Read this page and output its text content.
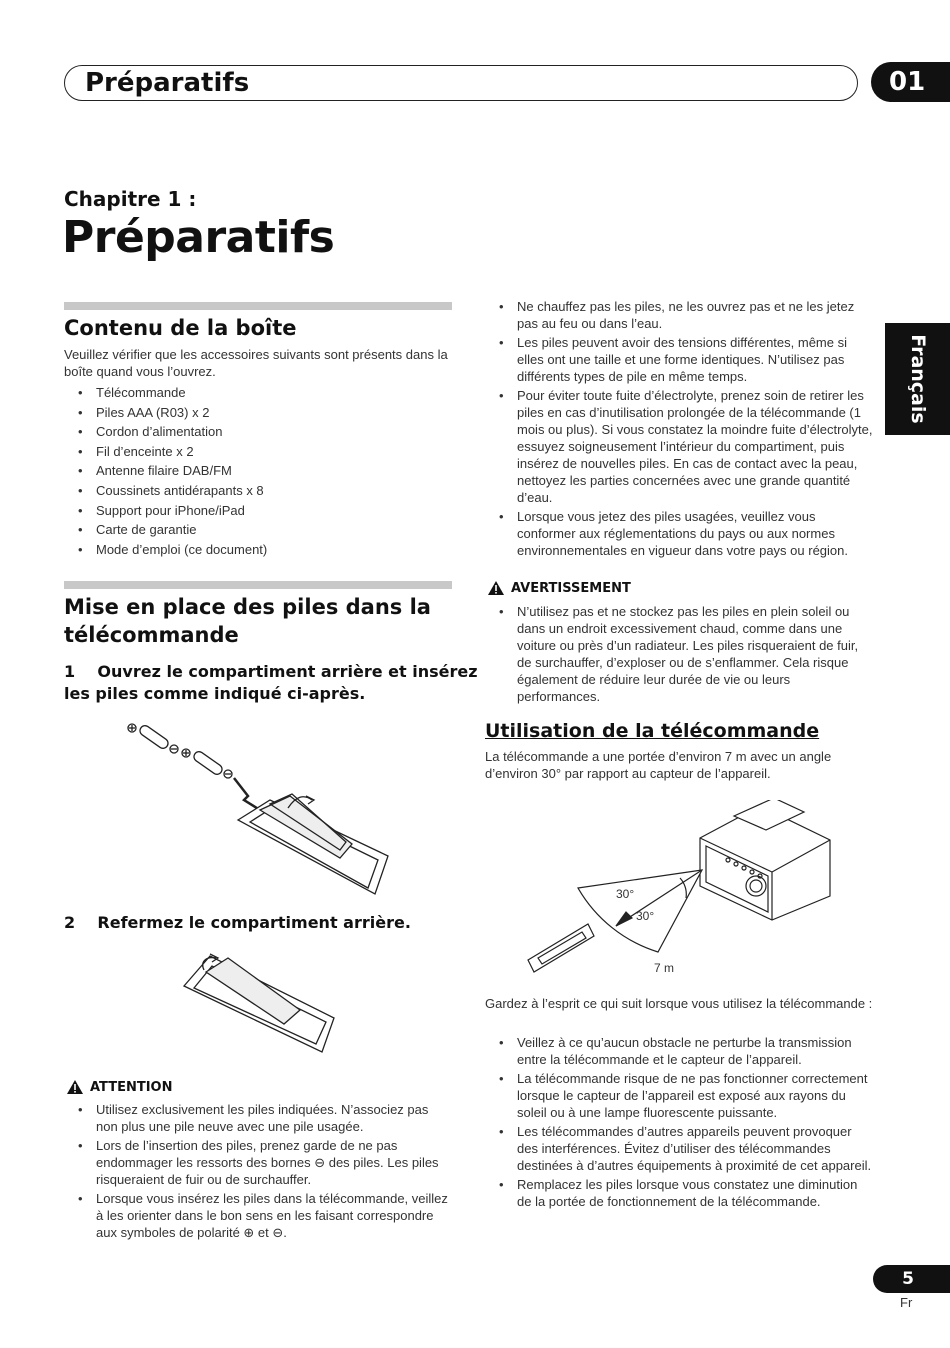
Préparatifs	01
Français
Chapitre 1 :
Préparatifs
Contenu de la boîte
Veuillez vérifier que les accessoires suivants sont présents dans la boîte quand vous l’ouvrez.
• Télécommande
• Piles AAA (R03) x 2
• Cordon d’alimentation
• Fil d’enceinte x 2
• Antenne filaire DAB/FM
• Coussinets antidérapants x 8
• Support pour iPhone/iPad
• Carte de garantie
• Mode d’emploi (ce document)
Mise en place des piles dans la
télécommande
1    Ouvrez le compartiment arrière et insérez
les piles comme indiqué ci-après.
2    Refermez le compartiment arrière.
ATTENTION
• Utilisez exclusivement les piles indiquées. N’associez pas non plus une pile neuve avec une pile usagée.
• Lors de l’insertion des piles, prenez garde de ne pas endommager les ressorts des bornes ⊖ des piles. Les piles risqueraient de fuir ou de surchauffer.
• Lorsque vous insérez les piles dans la télécommande, veillez à les orienter dans le bon sens en les faisant correspondre aux symboles de polarité ⊕ et ⊖.
• Ne chauffez pas les piles, ne les ouvrez pas et ne les jetez pas au feu ou dans l’eau.
• Les piles peuvent avoir des tensions différentes, même si elles ont une taille et une forme identiques. N’utilisez pas différents types de pile en même temps.
• Pour éviter toute fuite d’électrolyte, prenez soin de retirer les piles en cas d’inutilisation prolongée de la télécommande (1 mois ou plus). Si vous constatez la moindre fuite d’électrolyte, essuyez soigneusement l’intérieur du compartiment, puis insérez de nouvelles piles. En cas de contact avec la peau, nettoyez les parties concernées avec une grande quantité d’eau.
• Lorsque vous jetez des piles usagées, veuillez vous conformer aux réglementations du pays ou aux normes environnementales en vigueur dans votre pays ou région.
AVERTISSEMENT
• N’utilisez pas et ne stockez pas les piles en plein soleil ou dans un endroit excessivement chaud, comme dans une voiture ou près d’un radiateur. Les piles risqueraient de fuir, de surchauffer, d’exploser ou de s’enflammer. Cela risque également de réduire leur durée de vie ou leurs performances.
Utilisation de la télécommande
La télécommande a une portée d’environ 7 m avec un angle d’environ 30° par rapport au capteur de l’appareil.
30°
30°
7 m
Gardez à l’esprit ce qui suit lorsque vous utilisez la télécommande :
• Veillez à ce qu’aucun obstacle ne perturbe la transmission entre la télécommande et le capteur de l’appareil.
• La télécommande risque de ne pas fonctionner correctement lorsque le capteur de l’appareil est exposé aux rayons du soleil ou à une lampe fluorescente puissante.
• Les télécommandes d’autres appareils peuvent provoquer des interférences. Évitez d’utiliser des télécommandes destinées à d’autres équipements à proximité de cet appareil.
• Remplacez les piles lorsque vous constatez une diminution de la portée de fonctionnement de la télécommande.
5
Fr
